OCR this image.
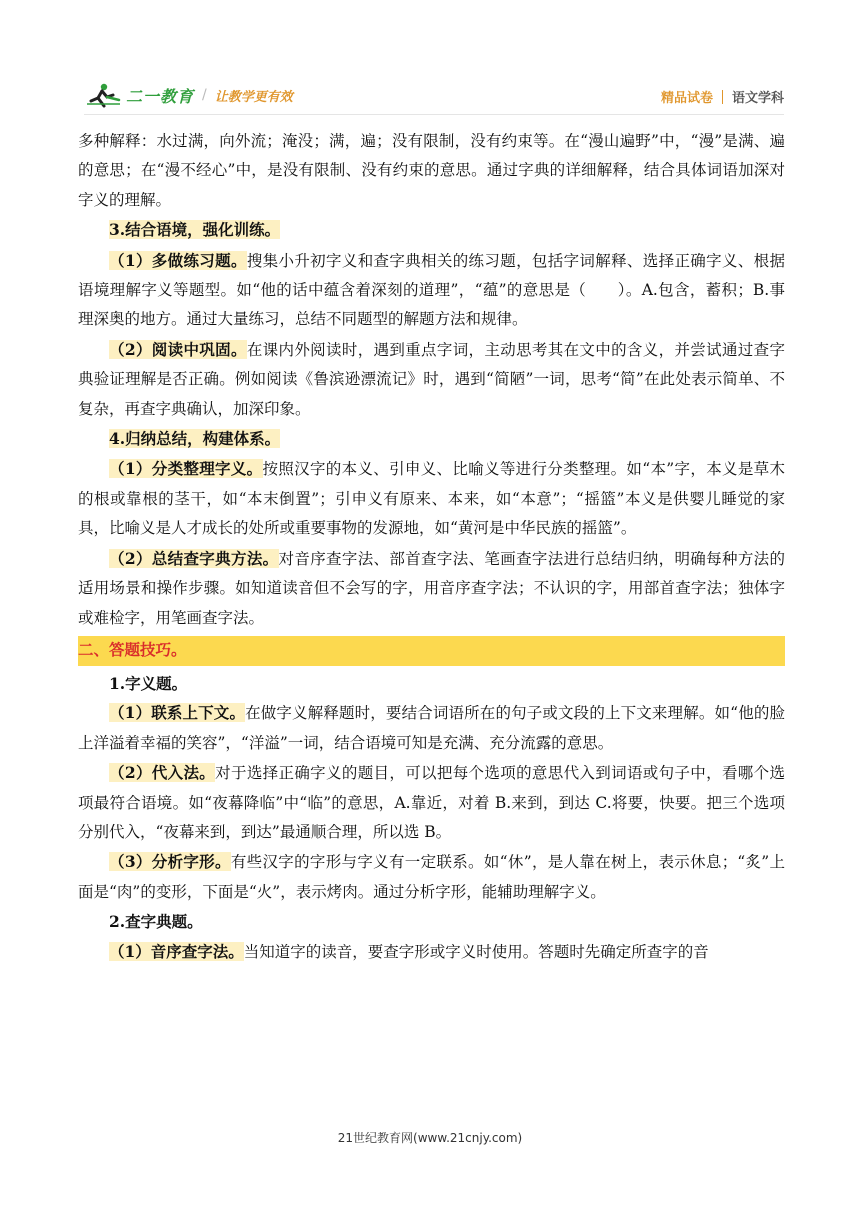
二一教育 / 让教学更有效	精品试卷 语文学科

多种解释：水过满，向外流；淹没；满，遍；没有限制，没有约束等。在“漫山遍野”中，“漫”是满、遍的意思；在“漫不经心”中，是没有限制、没有约束的意思。通过字典的详细解释，结合具体词语加深对字义的理解。

3.结合语境，强化训练。

（1）多做练习题。搜集小升初字义和查字典相关的练习题，包括字词解释、选择正确字义、根据语境理解字义等题型。如“他的话中蕴含着深刻的道理”，“蕴”的意思是（　　）。A.包含，蓄积；B.事理深奥的地方。通过大量练习，总结不同题型的解题方法和规律。

（2）阅读中巩固。在课内外阅读时，遇到重点字词，主动思考其在文中的含义，并尝试通过查字典验证理解是否正确。例如阅读《鲁滨逊漂流记》时，遇到“简陋”一词，思考“简”在此处表示简单、不复杂，再查字典确认，加深印象。

4.归纳总结，构建体系。

（1）分类整理字义。按照汉字的本义、引申义、比喻义等进行分类整理。如“本”字，本义是草木的根或靠根的茎干，如“本末倒置”；引申义有原来、本来，如“本意”；“摇篮”本义是供婴儿睡觉的家具，比喻义是人才成长的处所或重要事物的发源地，如“黄河是中华民族的摇篮”。

（2）总结查字典方法。对音序查字法、部首查字法、笔画查字法进行总结归纳，明确每种方法的适用场景和操作步骤。如知道读音但不会写的字，用音序查字法；不认识的字，用部首查字法；独体字或难检字，用笔画查字法。

二、答题技巧。

1.字义题。

（1）联系上下文。在做字义解释题时，要结合词语所在的句子或文段的上下文来理解。如“他的脸上洋溢着幸福的笑容”，“洋溢”一词，结合语境可知是充满、充分流露的意思。

（2）代入法。对于选择正确字义的题目，可以把每个选项的意思代入到词语或句子中，看哪个选项最符合语境。如“夜幕降临”中“临”的意思，A.靠近，对着 B.来到，到达 C.将要，快要。把三个选项分别代入，“夜幕来到，到达”最通顺合理，所以选 B。

（3）分析字形。有些汉字的字形与字义有一定联系。如“休”，是人靠在树上，表示休息；“炙”上面是“肉”的变形，下面是“火”，表示烤肉。通过分析字形，能辅助理解字义。

2.查字典题。

（1）音序查字法。当知道字的读音，要查字形或字义时使用。答题时先确定所查字的音

21世纪教育网(www.21cnjy.com)
